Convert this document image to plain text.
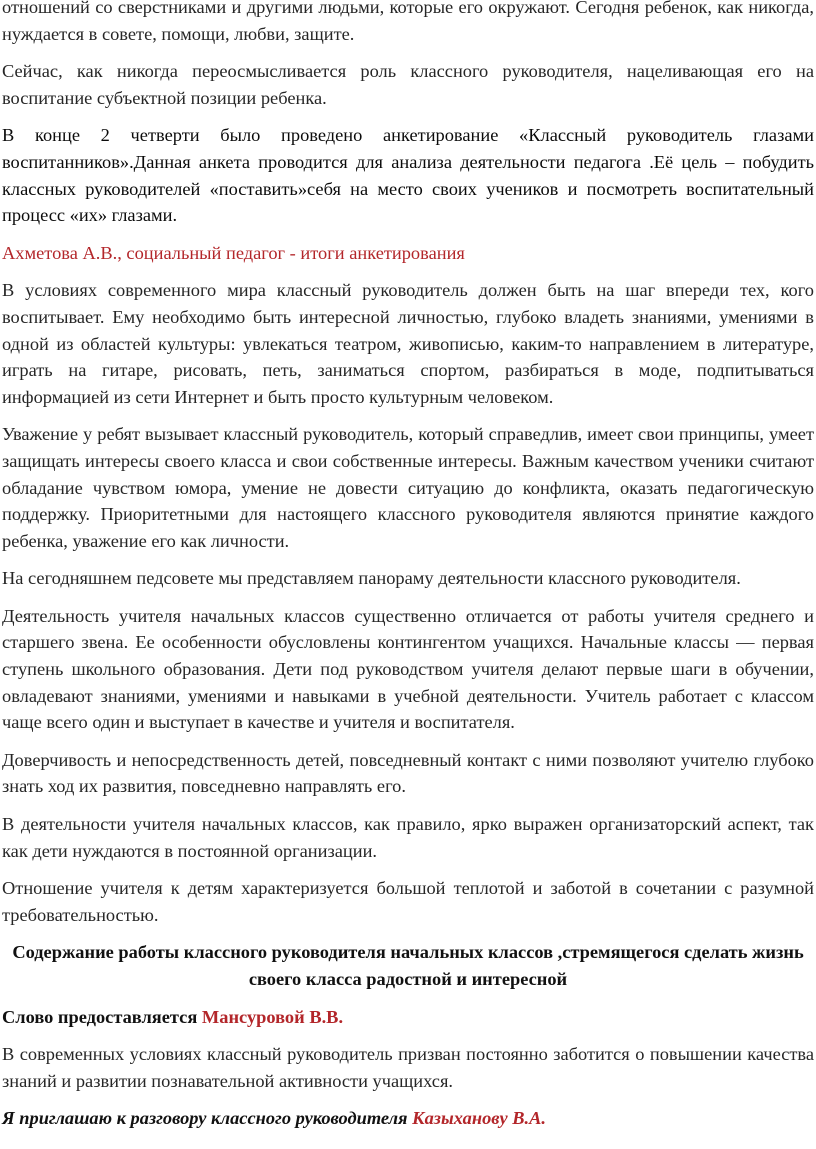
отношений со сверстниками и другими людьми, которые его окружают. Сегодня ребенок, как никогда, нуждается в совете, помощи, любви, защите.

Сейчас, как никогда переосмысливается роль классного руководителя, нацеливающая его на воспитание субъектной позиции ребенка.

В конце 2 четверти было проведено анкетирование «Классный руководитель глазами воспитанников».Данная анкета проводится для анализа деятельности педагога .Её цель – побудить классных руководителей «поставить»себя на место своих учеников и посмотреть воспитательный процесс «их» глазами.

Ахметова А.В., социальный педагог - итоги анкетирования

В условиях современного мира классный руководитель должен быть на шаг впереди тех, кого воспитывает. Ему необходимо быть интересной личностью, глубоко владеть знаниями, умениями в одной из областей культуры: увлекаться театром, живописью, каким-то направлением в литературе, играть на гитаре, рисовать, петь, заниматься спортом, разбираться в моде, подпитываться информацией из сети Интернет и быть просто культурным человеком.

Уважение у ребят вызывает классный руководитель, который справедлив, имеет свои принципы, умеет защищать интересы своего класса и свои собственные интересы. Важным качеством ученики считают обладание чувством юмора, умение не довести ситуацию до конфликта, оказать педагогическую поддержку. Приоритетными для настоящего классного руководителя являются принятие каждого ребенка, уважение его как личности.

На сегодняшнем педсовете мы представляем панораму деятельности классного руководителя.

Деятельность учителя начальных классов существенно отличается от работы учителя среднего и старшего звена. Ее особенности обусловлены контингентом учащихся. Начальные классы — первая ступень школьного образования. Дети под руководством учителя делают первые шаги в обучении, овладевают знаниями, умениями и навыками в учебной деятельности. Учитель работает с классом чаще всего один и выступает в качестве и учителя и воспитателя.

Доверчивость и непосредственность детей, повседневный контакт с ними позволяют учителю глубоко знать ход их развития, повседневно направлять его.

В деятельности учителя начальных классов, как правило, ярко выражен организаторский аспект, так как дети нуждаются в постоянной организации.

Отношение учителя к детям характеризуется большой теплотой и заботой в сочетании с разумной требовательностью.

Содержание работы классного руководителя начальных классов ,стремящегося сделать жизнь своего класса радостной и интересной

Слово предоставляется Мансуровой В.В.

В современных условиях классный руководитель призван постоянно заботится о повышении качества знаний и развитии познавательной активности учащихся.

Я приглашаю к разговору классного руководителя Казыханову В.А.
